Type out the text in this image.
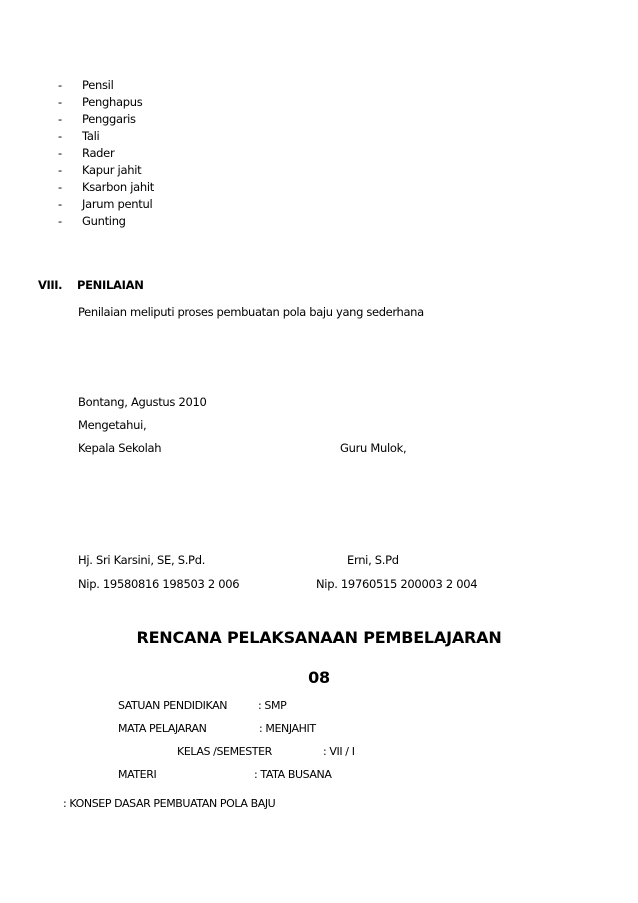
- Pensil
- Penghapus
- Penggaris
- Tali
- Rader
- Kapur jahit
- Ksarbon jahit
- Jarum pentul
- Gunting
VIII. PENILAIAN
Penilaian meliputi proses pembuatan pola baju yang sederhana
Bontang, Agustus 2010
Mengetahui,
Kepala Sekolah	Guru Mulok,
Hj. Sri Karsini, SE, S.Pd.	Erni, S.Pd
Nip. 19580816 198503 2 006	Nip. 19760515 200003 2 004
RENCANA PELAKSANAAN PEMBELAJARAN
08
SATUAN PENDIDIKAN	: SMP
MATA PELAJARAN	: MENJAHIT
KELAS /SEMESTER	: VII / I
MATERI	: TATA BUSANA
: KONSEP DASAR PEMBUATAN POLA BAJU
